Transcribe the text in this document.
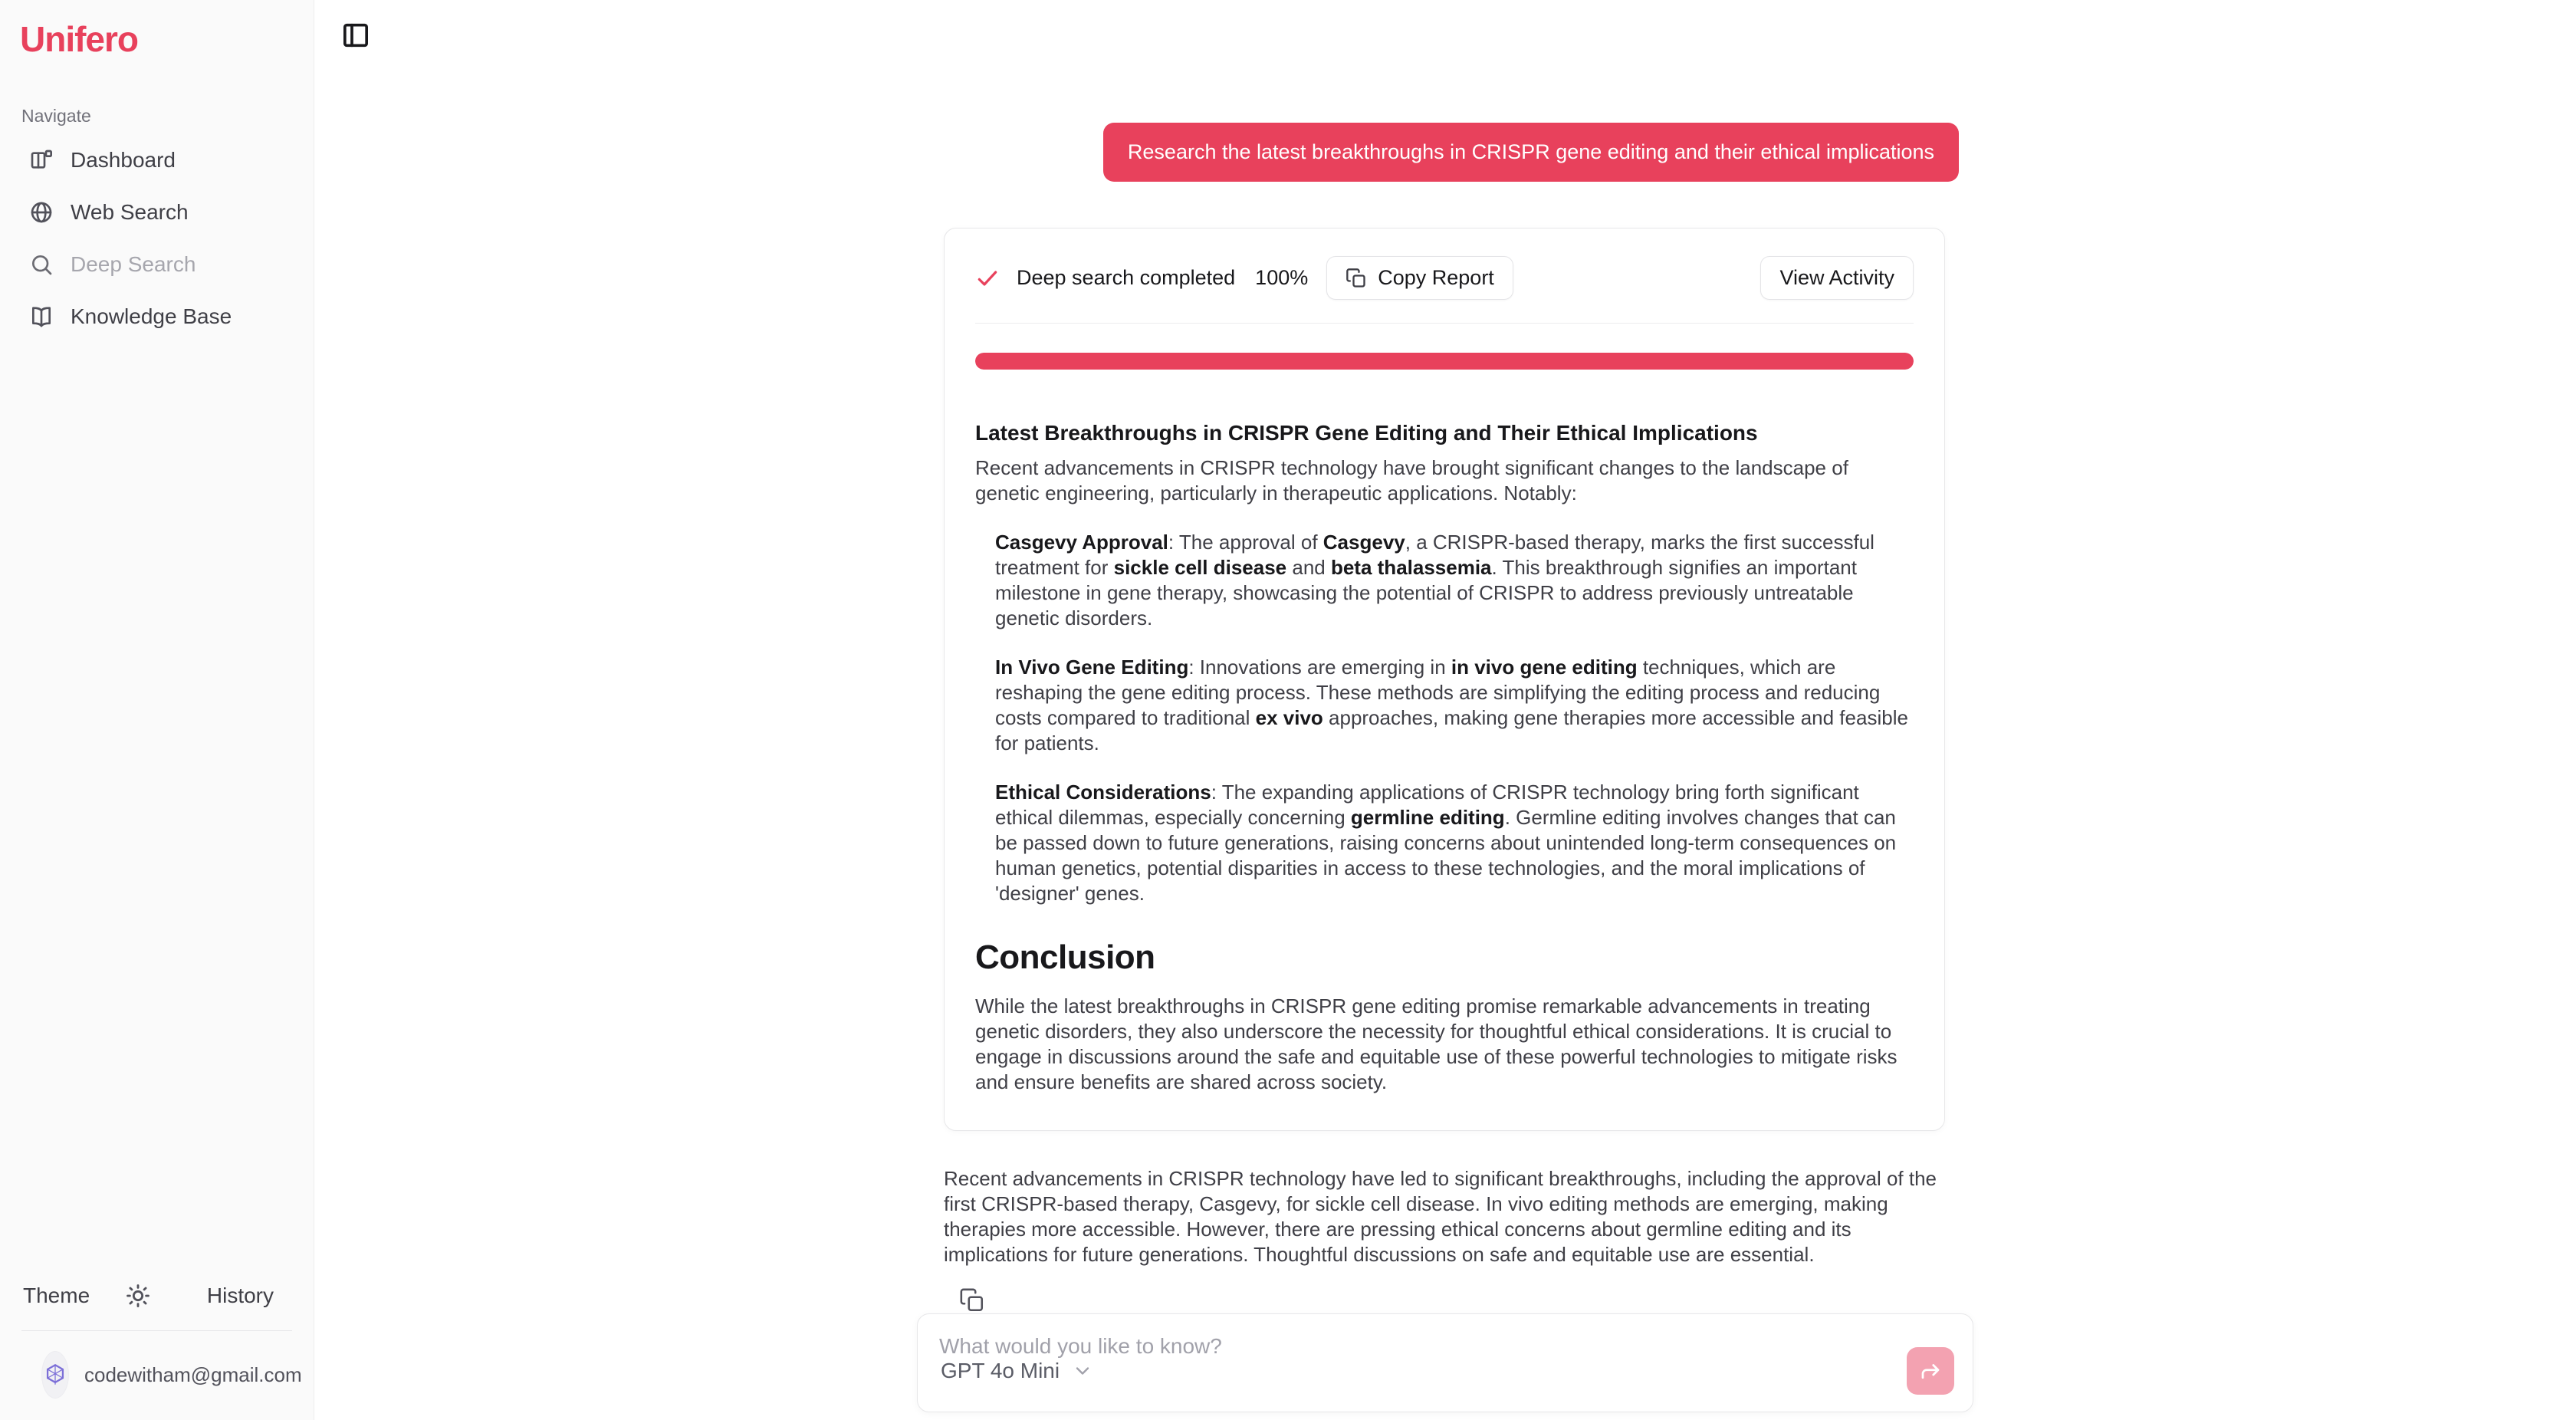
Unifero
Navigate
Dashboard
Web Search
Deep Search
Knowledge Base
Theme	History
codewitham@gmail.com
Research the latest breakthroughs in CRISPR gene editing and their ethical implications
Deep search completed 100%	Copy Report	View Activity
Latest Breakthroughs in CRISPR Gene Editing and Their Ethical Implications

Recent advancements in CRISPR technology have brought significant changes to the landscape of genetic engineering, particularly in therapeutic applications. Notably:

Casgevy Approval: The approval of Casgevy, a CRISPR-based therapy, marks the first successful treatment for sickle cell disease and beta thalassemia. This breakthrough signifies an important milestone in gene therapy, showcasing the potential of CRISPR to address previously untreatable genetic disorders.

In Vivo Gene Editing: Innovations are emerging in in vivo gene editing techniques, which are reshaping the gene editing process. These methods are simplifying the editing process and reducing costs compared to traditional ex vivo approaches, making gene therapies more accessible and feasible for patients.

Ethical Considerations: The expanding applications of CRISPR technology bring forth significant ethical dilemmas, especially concerning germline editing. Germline editing involves changes that can be passed down to future generations, raising concerns about unintended long-term consequences on human genetics, potential disparities in access to these technologies, and the moral implications of 'designer' genes.

Conclusion

While the latest breakthroughs in CRISPR gene editing promise remarkable advancements in treating genetic disorders, they also underscore the necessity for thoughtful ethical considerations. It is crucial to engage in discussions around the safe and equitable use of these powerful technologies to mitigate risks and ensure benefits are shared across society.

Recent advancements in CRISPR technology have led to significant breakthroughs, including the approval of the first CRISPR-based therapy, Casgevy, for sickle cell disease. In vivo editing methods are emerging, making therapies more accessible. However, there are pressing ethical concerns about germline editing and its implications for future generations. Thoughtful discussions on safe and equitable use are essential.

What would you like to know?
GPT 4o Mini
